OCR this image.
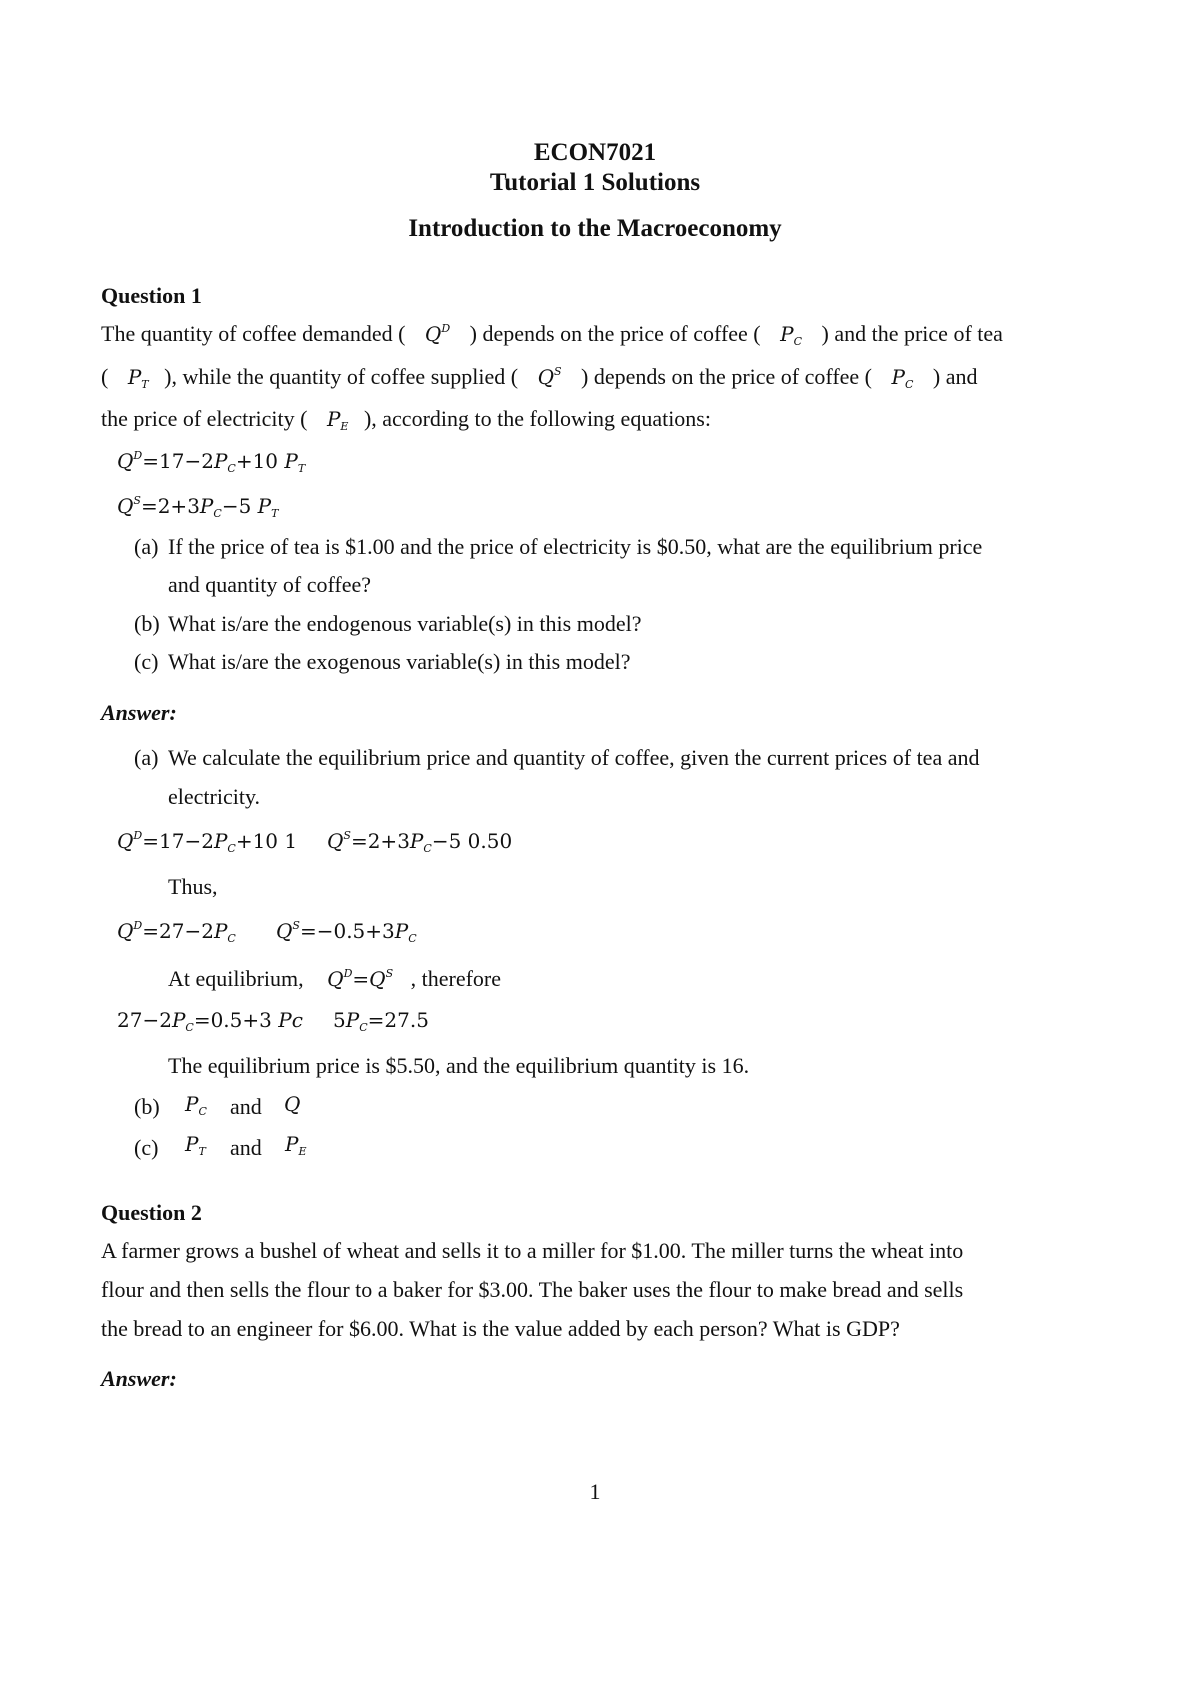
ECON7021
Tutorial 1 Solutions
Introduction to the Macroeconomy
Question 1
The quantity of coffee demanded ( $Q^D$ ) depends on the price of coffee ( $P_C$ ) and the price of tea
( $P_T$ ), while the quantity of coffee supplied ( $Q^S$ ) depends on the price of coffee ( $P_C$ ) and
the price of electricity ( $P_E$ ), according to the following equations:
$Q^D=17-2P_C+10$ $P_T$
$Q^S=2+3P_C-5$ $P_T$
(a) If the price of tea is $1.00 and the price of electricity is $0.50, what are the equilibrium price
and quantity of coffee?
(b) What is/are the endogenous variable(s) in this model?
(c) What is/are the exogenous variable(s) in this model?
Answer:
(a) We calculate the equilibrium price and quantity of coffee, given the current prices of tea and
electricity.
$Q^D=17-2P_C+10$ 1 $Q^S=2+3P_C-5$ 0.50
Thus,
$Q^D=27-2P_C$ $Q^S=-0.5+3P_C$
At equilibrium, $Q^D=Q^S$ , therefore
$27-2P_C=0.5+3$ Pc $5P_C=27.5$
The equilibrium price is $5.50, and the equilibrium quantity is 16.
(b) $P_C$ and Q
(c) $P_T$ and $P_E$
Question 2
A farmer grows a bushel of wheat and sells it to a miller for $1.00. The miller turns the wheat into
flour and then sells the flour to a baker for $3.00. The baker uses the flour to make bread and sells
the bread to an engineer for $6.00. What is the value added by each person? What is GDP?
Answer:
1
